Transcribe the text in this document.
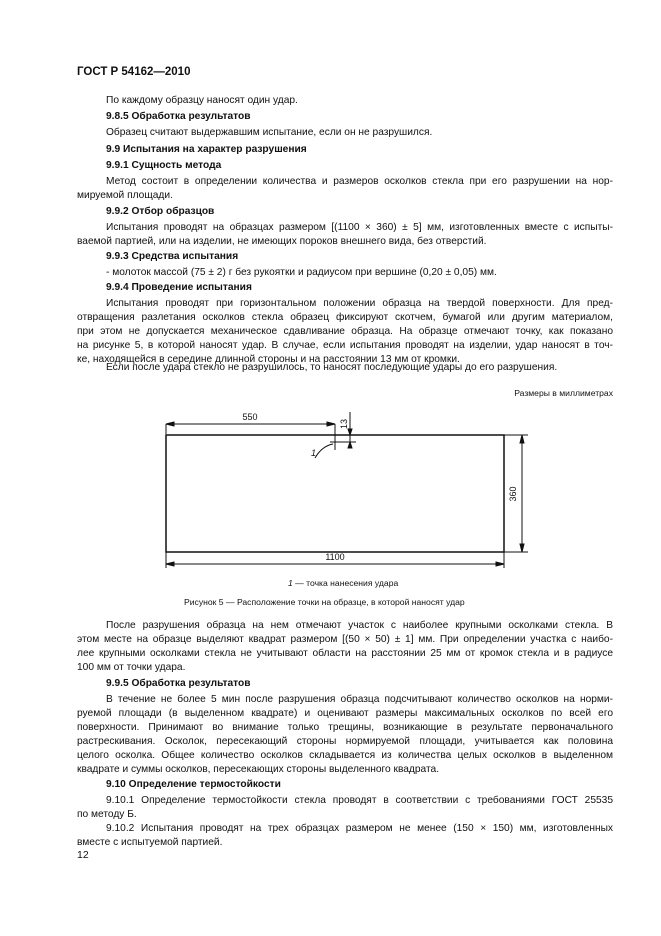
ГОСТ Р 54162—2010
По каждому образцу наносят один удар.
9.8.5 Обработка результатов
Образец считают выдержавшим испытание, если он не разрушился.
9.9 Испытания на характер разрушения
9.9.1 Сущность метода
Метод состоит в определении количества и размеров осколков стекла при его разрушении на нор-
мируемой площади.
9.9.2 Отбор образцов
Испытания проводят на образцах размером [(1100 × 360) ± 5] мм, изготовленных вместе с испыты-
ваемой партией, или на изделии, не имеющих пороков внешнего вида, без отверстий.
9.9.3 Средства испытания
- молоток массой (75 ± 2) г без рукоятки и радиусом при вершине (0,20 ± 0,05) мм.
9.9.4 Проведение испытания
Испытания проводят при горизонтальном положении образца на твердой поверхности. Для пред-
отвращения разлетания осколков стекла образец фиксируют скотчем, бумагой или другим материалом,
при этом не допускается механическое сдавливание образца. На образце отмечают точку, как показано
на рисунке 5, в которой наносят удар. В случае, если испытания проводят на изделии, удар наносят в точ-
ке, находящейся в середине длинной стороны и на расстоянии 13 мм от кромки.
Если после удара стекло не разрушилось, то наносят последующие удары до его разрушения.
Размеры в миллиметрах
550
1100
360
13
1
1 — точка нанесения удара
Рисунок 5 — Расположение точки на образце, в которой наносят удар
После разрушения образца на нем отмечают участок с наиболее крупными осколками стекла. В
этом месте на образце выделяют квадрат размером [(50 × 50) ± 1] мм. При определении участка с наибо-
лее крупными осколками стекла не учитывают области на расстоянии 25 мм от кромок стекла и в радиусе
100 мм от точки удара.
9.9.5 Обработка результатов
В течение не более 5 мин после разрушения образца подсчитывают количество осколков на норми-
руемой площади (в выделенном квадрате) и оценивают размеры максимальных осколков по всей его
поверхности. Принимают во внимание только трещины, возникающие в результате первоначального
растрескивания. Осколок, пересекающий стороны нормируемой площади, учитывается как половина
целого осколка. Общее количество осколков складывается из количества целых осколков в выделенном
квадрате и суммы осколков, пересекающих стороны выделенного квадрата.
9.10 Определение термостойкости
9.10.1 Определение термостойкости стекла проводят в соответствии с требованиями ГОСТ 25535
по методу Б.
9.10.2 Испытания проводят на трех образцах размером не менее (150 × 150) мм, изготовленных
вместе с испытуемой партией.
12
